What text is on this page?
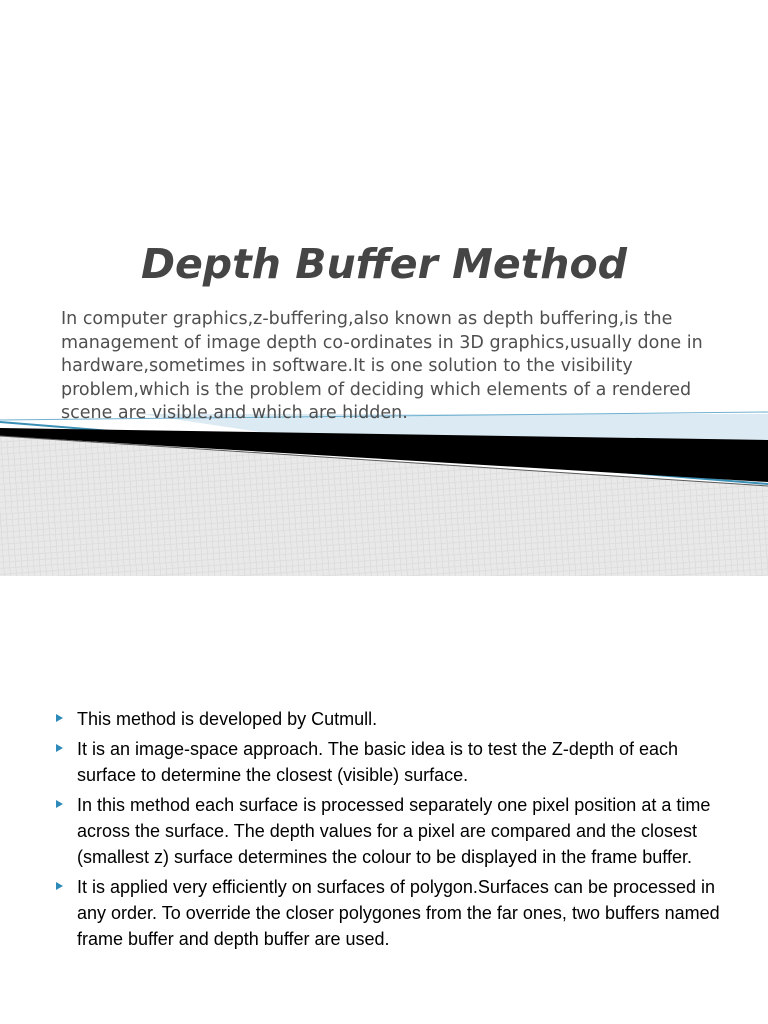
Depth Buffer Method

In computer graphics,z-buffering,also known as depth buffering,is the management of image depth co-ordinates in 3D graphics,usually done in hardware,sometimes in software.It is one solution to the visibility problem,which is the problem of deciding which elements of a rendered scene are visible,and which are hidden.

This method is developed by Cutmull.
It is an image-space approach. The basic idea is to test the Z-depth of each surface to determine the closest (visible) surface.
In this method each surface is processed separately one pixel position at a time across the surface. The depth values for a pixel are compared and the closest (smallest z) surface determines the colour to be displayed in the frame buffer.
It is applied very efficiently on surfaces of polygon.Surfaces can be processed in any order. To override the closer polygones from the far ones, two buffers named frame buffer and depth buffer are used.
